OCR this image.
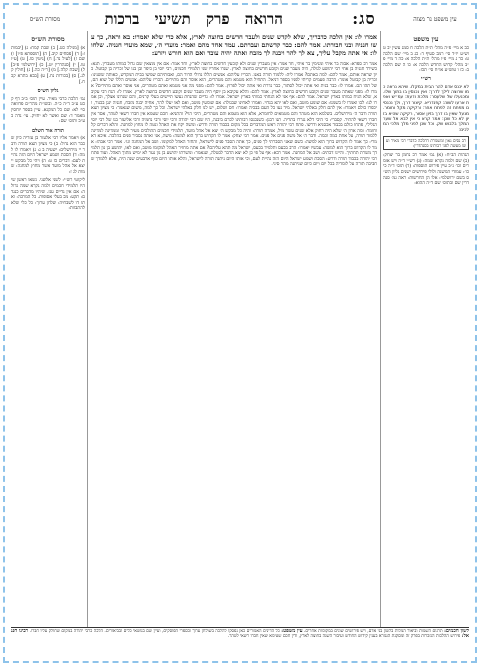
עין משפט נר מצוה
סג:
הרואה פרק תשיעי ברכות
מסורת הש״ס
עין משפט
כב א מיי׳ פ״ה מהל׳ ת״ת הלכה ח סמג עשין יב טוש״ע יו״ד סי׳ רמב סעיף ד: כג ב מיי׳ שם הלכה ט: כד ג מיי׳ פ״ו מהל׳ ת״ת הלכה א: כה ד מיי׳ פ״ב מהל׳ קדוש החדש הלכה א: כו ה שם הלכה ב: כז ו טוש״ע או״ח סי׳ תכז:
רש״י
לא יכנס אדם להר הבית במקלו. שיהא נראה כמו שרוצה לילך לדרך: ואין נכנסין בו בתוך שלו. ומכנעלו של שלעסר: מלכת ודעת: עמ״ש ואפת ארעו לשוה: קפנדריא. קיצור דרך, ולך נכנסים מפתח זה לפתח אחר: ורקיקה מקל וחומר. מנעל שאין בו דרך בזיון אסור, רקיקה שהיא בזיון לא כל שכן: אמר קרא כי אין לבא אל שער המלך בלבוש שק. וכל שכן לפני מלך מלכי המלכים:
רב נסים גאון ומשמרת דהלכה כדברי רבי מאיר ועשו מעשה לפני רבותינו בסנהדרין:
הגהות הב״ח: (א) גמ׳ אמר רב נחמן בר יצחק: (ב) שם ולמה נקרא שמה: (ג) רש״י ד״ה ויש אומרים וכו׳ נ״ב עיין פירוש תוספות: (ד) תוס׳ ד״ה כי כו׳: עמודי המשנה ולולי פירושים ישנים גליון הש״ס בשם ירושלמי: אלו הן החרשות: ראה גמ׳ סנהדרין שם ובתוס׳ שם ד״ה ההוא:
מסורת הש״ס
א) [מגילה כט.] ב) שבת קמח: ג) [יבמות ו:] ד) [פסחים קיב.] ה) [תוספתא פ״ז] ו) שם ז) [לעיל נד.] ח) [גיטין סז.] ט) [ע״ז טו.] י) [סנהדרין יט.] כ) [ירושלמי פ״ב] ל) [שבת קלה.] מ) [ר״ה כה.] נ) [חולין קלג.] ס) [בכורות נח.] ע) [בבא בתרא קכח.]
גליון הש״ס
גמ׳ הלכה כרבי מאיר. עיין תוס׳ ב״ב דף קכט ע״ב ד״ה כ״ה. ובשו״ת מהר״ם פדוואה סי׳ לא: שם כל המקנא. עיין בספר יוחסין מאמר ד: שם ואשר לא יחזיק. עי׳ נדה כ ע״ב ותוס׳ שם:
תורה אור השלם
א) ויאמר אליו רבי אלעזר בן עזריה כיון שכבר הוא גדול: ב) כי מציון תצא תורה ודבר יי מירושלים: ישעיה ב ג: ג) ויאמרו לו למה: ד) הסכת ושמע ישראל היום הזה נהיית לעם: דברים כז ט: ה) ויהי כל מבקש יי יצא אל אהל מועד אשר מחוץ למחנה: שמות לג ז:
ליקוטי רש״י: לשני אלשני. נשאו ראשן שיהיו תלמידי חכמים ולמה נקרא שמה גדולה: אם אין גדיים ענז. שיהיו מדברים כנגדם: תקע: מכ בעלי אסופות. כל המרבה: ואתו דו לשבחיה: שלחן ערוך: כל כלי שלא להתבזות:
אמרו לו: אין הלכה כדבריך, שלא לקדש שנים ולעבר חדשים בחוצה לארץ, אלא כדי שלא יאמרו: בא וראה, כך עשו חנניה ובני חבורתו. אמר להם: כבר קדשתם ועברתם. עמד אחד מהם ואמר: מועדי ה׳, שמא מועדי חנניה. שלחו לו: אי אתה מקבל עליך, צא לך להר ויבנה לך מזבח ואתה יהיה עובד ואם הוא חורש ויזרע:
אמר רב ספרא: אבוה בר איהי ומנימין בר איהי, חד אמר: אין מעברין שנים ולא קובעין חדשים בחוצה לארץ, וחד אמר: אם אין מוצאין שם גדול כמותו מעברין. תנא: כשירד חנניה בן אחי רבי יהושע לגולה, היה מעבר שנים וקובע חדשים בחוצה לארץ. שגרו אחריו שני תלמידי חכמים, רבי יוסי בן כיפר ובן בנו של זכריה בן קבוטל. כיון שראה אותם, אמר להם: למה באתם? אמרו ליה: ללמוד תורה באנו. הכריז עליהם: אנשים הללו גדולי הדור הם, ואבותיהם שמשו בבית המקדש, כאותה ששנינו: זכריה בן קבוטל אומר: הרבה פעמים קריתי לפניו בספר דניאל. התחיל הוא מטמא והם מטהרים, הוא אוסר והם מתירים. הכריז עליהם: אנשים הללו של שוא הם, של תהו הם. אמרו לו: כבר בנית ואי אתה יכול לסתור, כבר גדרת ואי אתה יכול לפרוץ. אמר להם: מפני מה אני מטמא ואתם מטהרים, אני אוסר ואתם מתירים? אמרו לו: מפני שאתה מעבר שנים וקובע חדשים בחוצה לארץ. אמר להם: והלא עקיבא בן יוסף היה מעבר שנים וקובע חדשים בחוצה לארץ. אמרו לו: הנח רבי עקיבא, שלא הניח כמותו בארץ ישראל. אמר להם: אף אני לא הנחתי כמותי בארץ ישראל. אמרו לו: גדיים שהנחת נעשו תיישים בעלי קרנים, והם שגרונו אצלך, וכן אמרו לנו: לכו ואמרו לו בשמנו: אם שומע מוטב, ואם לאו יהא בנדוי. ואמרו לאחינו שבגולה: אם שומעין מוטב, ואם לאו יעלו להר, אחיה יבנה מזבח, חנניה ינגן בכנור, ויכפרו כולם ויאמרו: אין להם חלק באלהי ישראל. מיד געו כל העם בבכיה ואמרו: חס ושלום, יש לנו חלק באלהי ישראל. וכל כך למה, משום שנאמר: כי מציון תצא תורה ודבר ה׳ מירושלים. בשלמא הוא מטהר והם מטמאים לחומרא, אלא הוא מטמא והם מטהרים, היכי הוי? והתניא: חכם שטמא אין חברו רשאי לטהר, אסר אין חברו רשאי להתיר. קסברי: כי היכי דלא נגררו בתריה. תנו רבנן: כשנכנסו רבותינו לכרם ביבנה, היו שם רבי יהודה ורבי יוסי ורבי נחמיה ורבי אליעזר בנו של רבי יוסי הגלילי, פתחו כולם בכבוד אכסניא ודרשו. פתח רבי יהודה ראש המדברים בכל מקום בכבוד תורה ודרש: ומשה יקח את האהל ונטה לו מחוץ למחנה. והלא דברים קל וחומר: ומה ארון ה׳ שלא היה רחוק אלא שנים עשר מיל, אמרה תורה: והיה כל מבקש ה׳ יצא אל אהל מועד, תלמידי חכמים ההולכים מעיר לעיר וממדינה למדינה ללמוד תורה, על אחת כמה וכמה. ודבר ה׳ אל משה פנים אל פנים. אמר רבי יצחק: אמר לו הקדוש ברוך הוא למשה: משה, אני ואתה נסביר פנים בהלכה. איכא דאמרי: כך אמר לו הקדוש ברוך הוא למשה: כשם שאני הסברתי לך פנים, כך אתה הסבר פנים לישראל, והחזר האהל למקומו. ושב אל המחנה וגו׳. אמר רבי אבהו: אמר לו הקדוש ברוך הוא למשה: עכשיו יאמרו: הרב בכעס ותלמיד בכעס, ישראל מה תהא עליהם? אם אתה מחזיר האהל למקומו מוטב, ואם לאו, יהושע בן נון תלמידך משרת תחתיך. והיינו דכתיב: ושב אל המחנה. אמר רבא: אף על פי כן לא יצא הדבר לבטלה, שנאמר: ומשרתו יהושע בן נון נער לא ימיש מתוך האהל. ועוד פתח רבי יהודה בכבוד תורה ודרש: הסכת ושמע ישראל היום הזה נהיית לעם, וכי אותו היום ניתנה תורה לישראל, והלא אותו היום סוף ארבעים שנה היה, אלא ללמדך שחביבה תורה על לומדיה בכל יום ויום כיום שניתנה מהר סיני.
לשון חכמים: תרגום השמות וביאור המלות בלשון בני אדם, ויש פירושים שונים במקומות אחרים. עין משפט: כל הדינים האמורים כאן נפסקו להלכה בשולחן ערוך ובספרי הפוסקים, ועיין שם בנושאי כלים ובביאורים. הלכה כרבי יהודה במקום שחולק עליו חברו. רבינו חננאל: פירוש ההלכות הנזכרות בפרק זה ומסקנת הגמרא בענין קידוש החודש ועיבור השנה בחוצה לארץ, ודין חכם שטימא שאין חברו רשאי לטהר.
